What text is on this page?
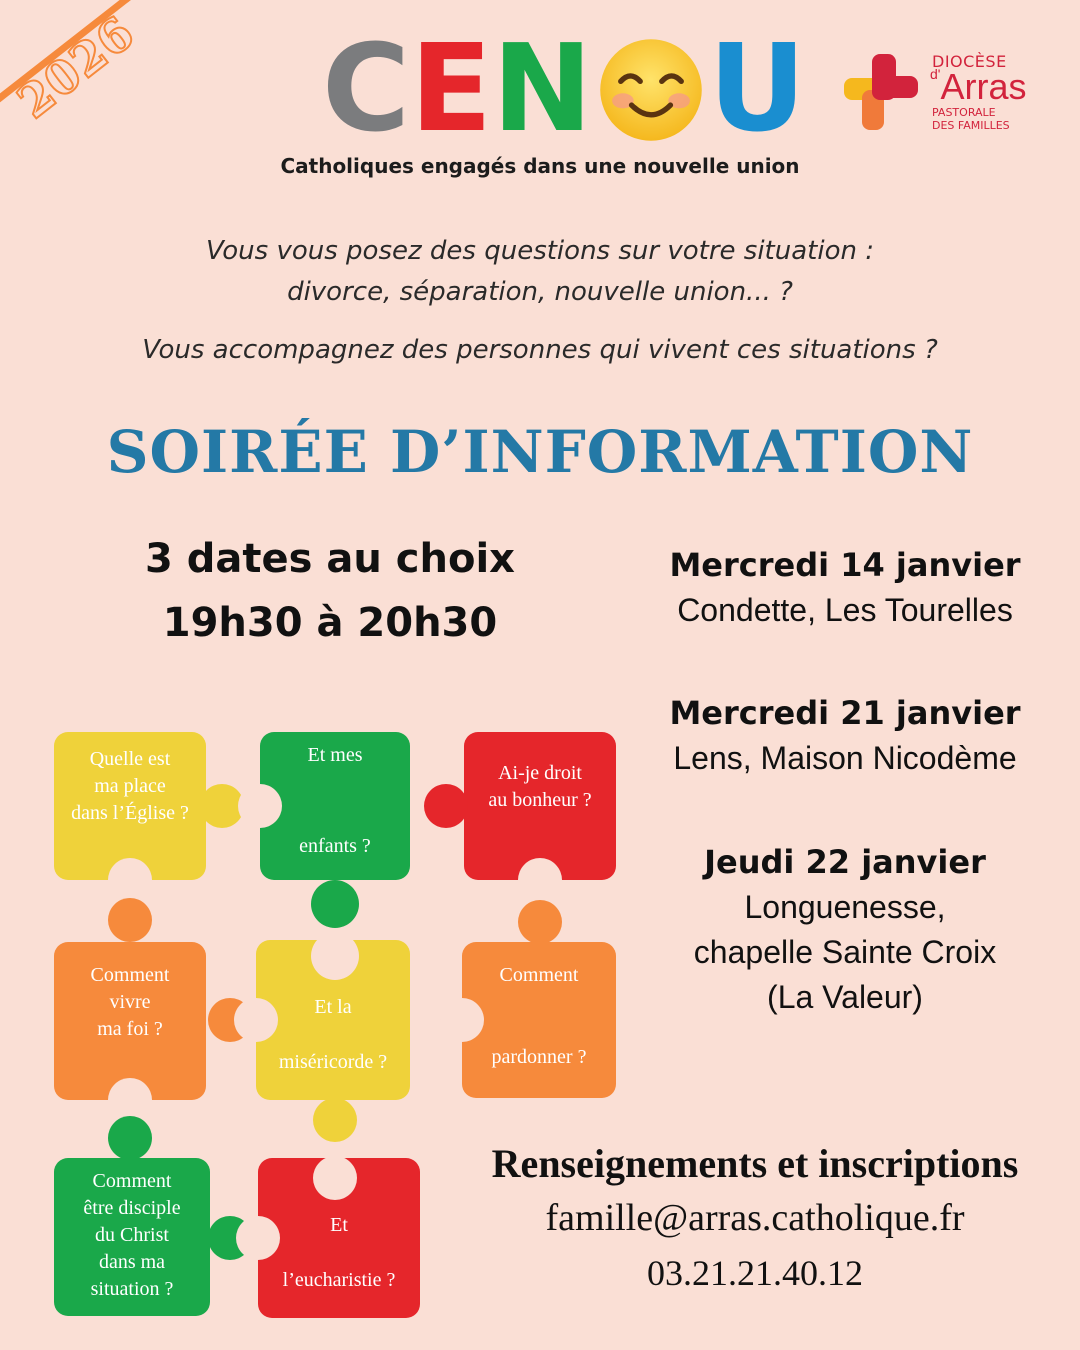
2026 C E N U
Catholiques engagés dans une nouvelle union
DIOCÈSE
$^{d'}$Arras
PASTORALE
DES FAMILLES
Vous vous posez des questions sur votre situation :
divorce, séparation, nouvelle union... ?
Vous accompagnez des personnes qui vivent ces situations ?
SOIRÉE D’INFORMATION
3 dates au choix
19h30 à 20h30
Mercredi 14 janvier
Condette, Les Tourelles
Mercredi 21 janvier
Lens, Maison Nicodème
Jeudi 22 janvier
Longuenesse,
chapelle Sainte Croix
(La Valeur)
Renseignements et inscriptions
famille@arras.catholique.fr
03.21.21.40.12
Quelle est
ma place
dans l’Église ?
Et mes
enfants ?
Ai-je droit
au bonheur ?
Comment
vivre
ma foi ?
Et la
miséricorde ?
Comment
pardonner ?
Comment
être disciple
du Christ
dans ma
situation ?
Et
l’eucharistie ?
